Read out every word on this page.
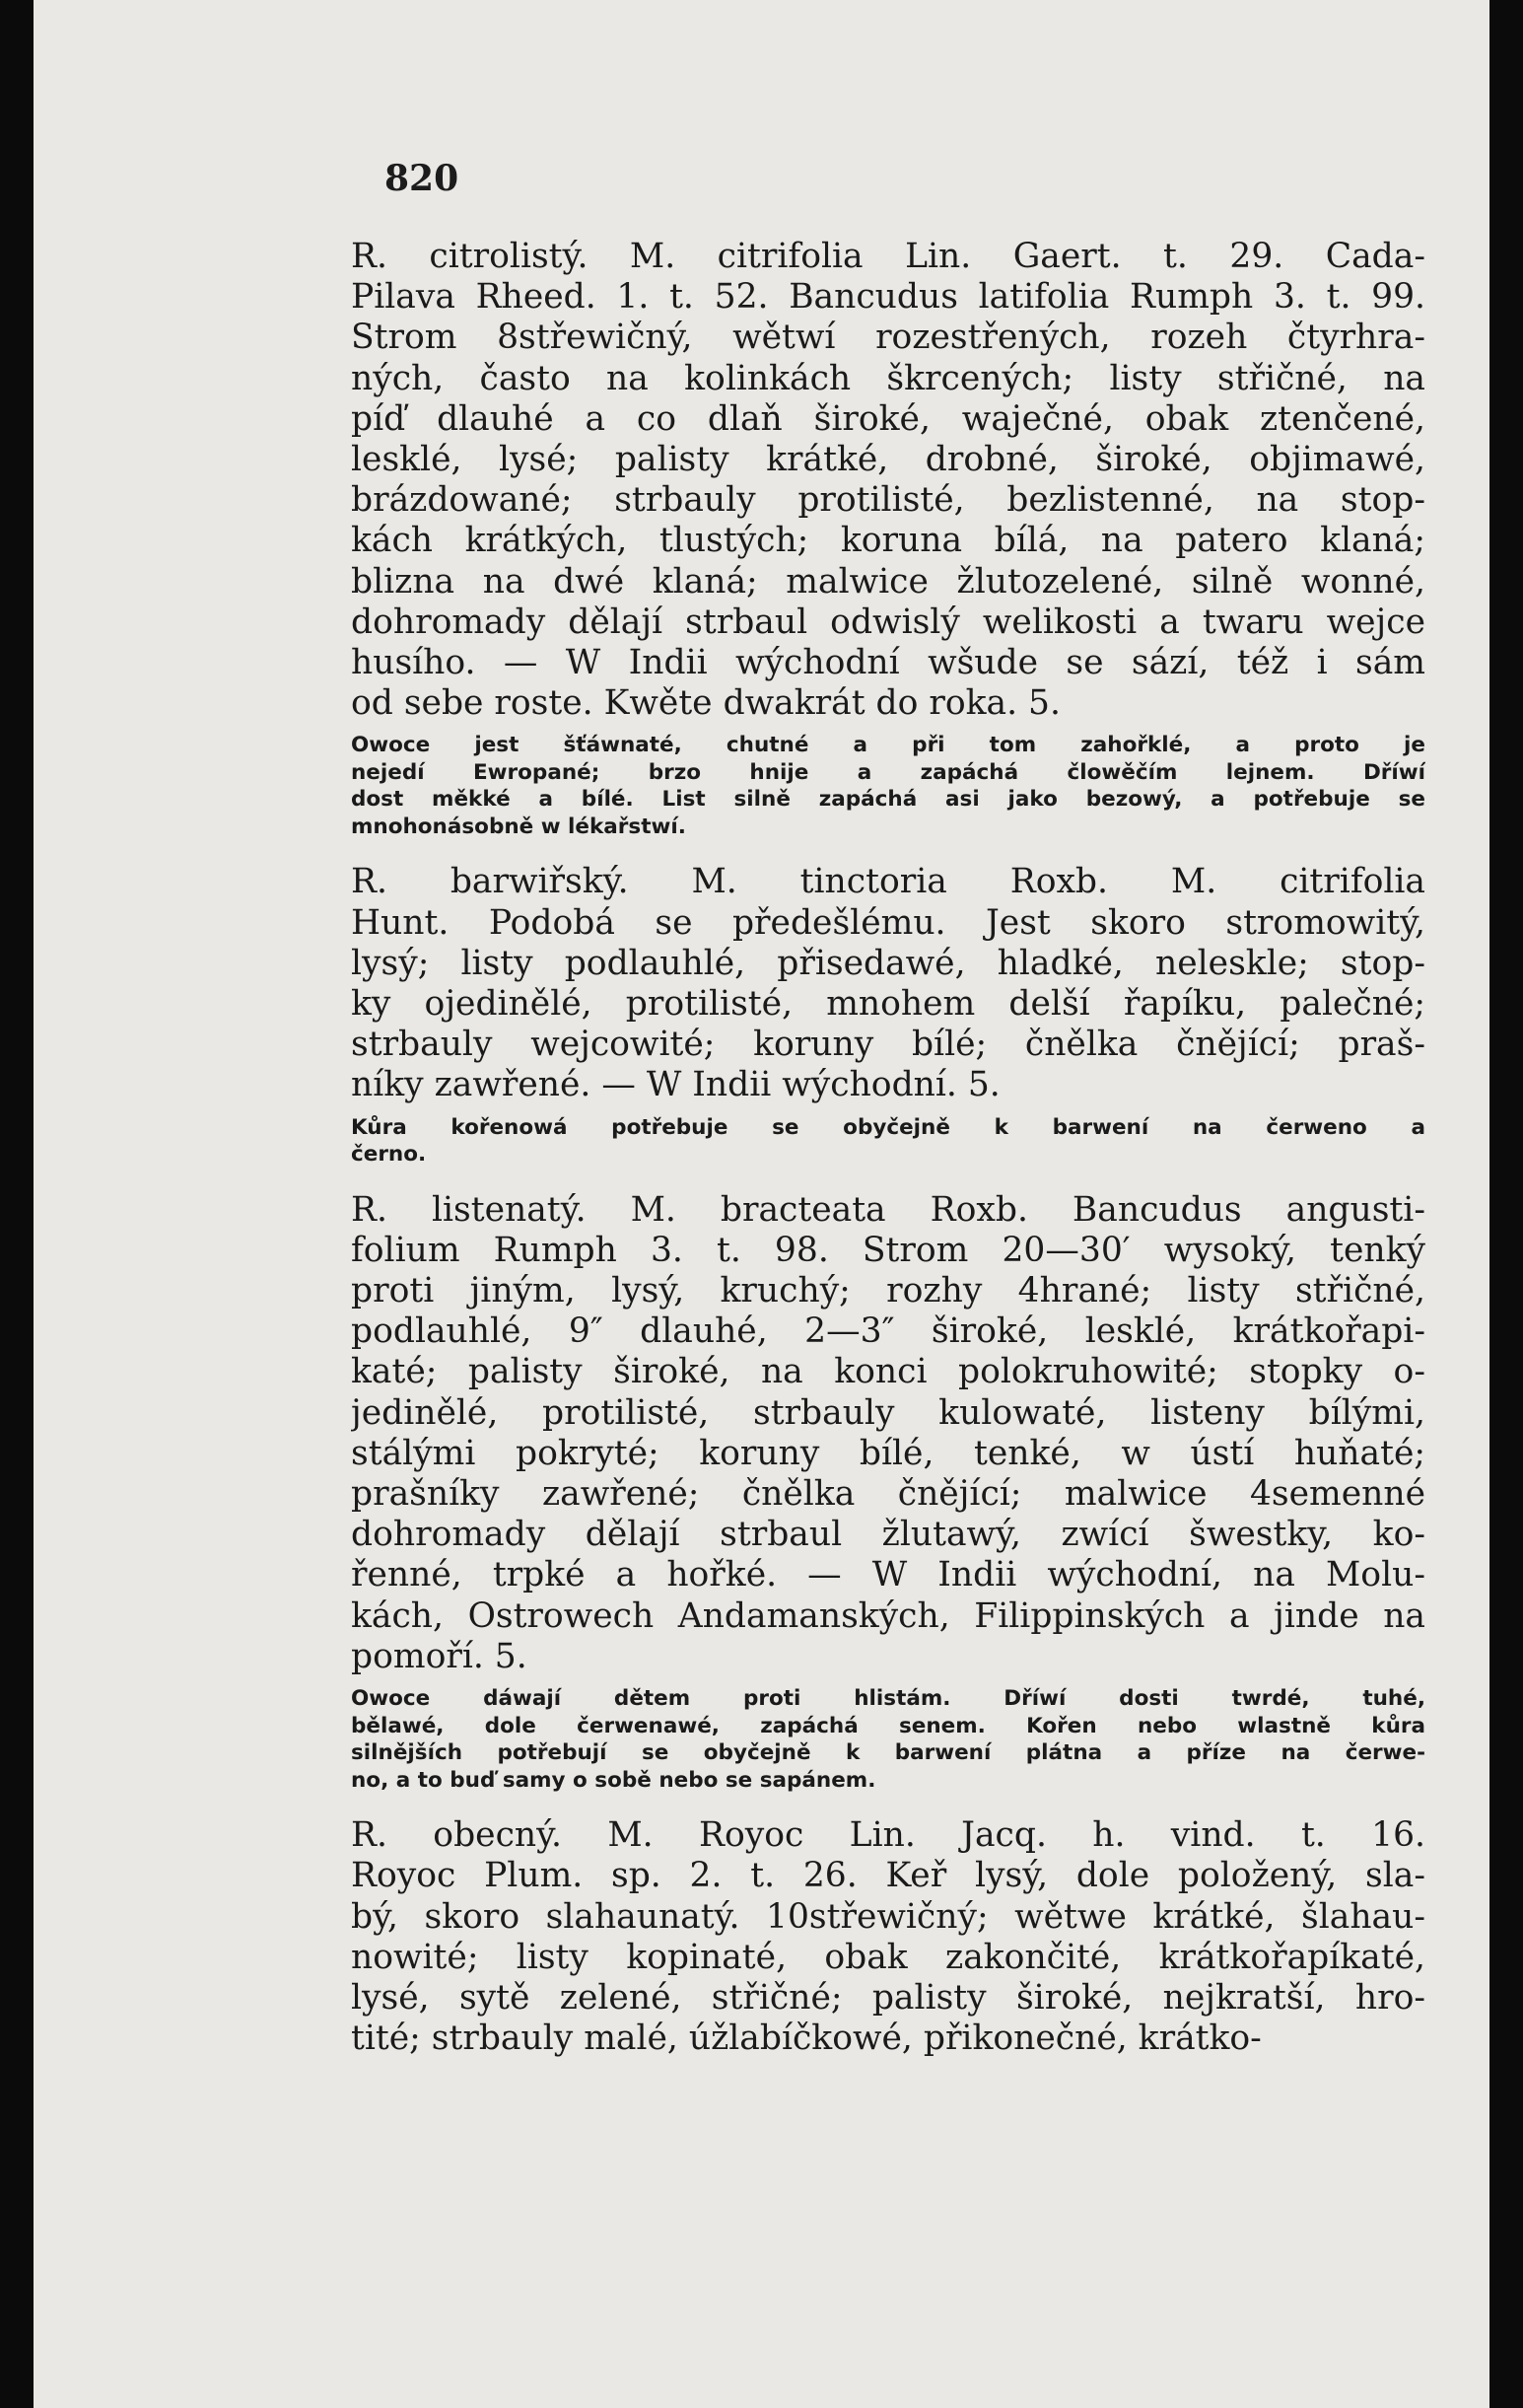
820
R. citrolistý. M. citrifolia Lin. Gaert. t. 29. Cada-
Pilava Rheed. 1. t. 52. Bancudus latifolia Rumph 3. t. 99.
Strom 8střewičný, wětwí rozestřených, rozeh čtyrhra-
ných, často na kolinkách škrcených; listy střičné, na
píď dlauhé a co dlaň široké, waječné, obak ztenčené,
lesklé, lysé; palisty krátké, drobné, široké, objimawé,
brázdowané; strbauly protilisté, bezlistenné, na stop-
kách krátkých, tlustých; koruna bílá, na patero klaná;
blizna na dwé klaná; malwice žlutozelené, silně wonné,
dohromady dělají strbaul odwislý welikosti a twaru wejce
husího. — W Indii wýchodní wšude se sází, též i sám
od sebe roste. Kwěte dwakrát do roka. 5.
Owoce jest šťáwnaté, chutné a při tom zahořklé, a proto je
nejedí Ewropané; brzo hnije a zapáchá člowěčím lejnem. Dříwí
dost měkké a bílé. List silně zapáchá asi jako bezowý, a potřebuje se
mnohonásobně w lékařstwí.
R. barwiřský. M. tinctoria Roxb. M. citrifolia
Hunt. Podobá se předešlému. Jest skoro stromowitý,
lysý; listy podlauhlé, přisedawé, hladké, neleskle; stop-
ky ojedinělé, protilisté, mnohem delší řapíku, palečné;
strbauly wejcowité; koruny bílé; čnělka čnějící; praš-
níky zawřené. — W Indii wýchodní. 5.
Kůra kořenowá potřebuje se obyčejně k barwení na čerweno a
černo.
R. listenatý. M. bracteata Roxb. Bancudus angusti-
folium Rumph 3. t. 98. Strom 20—30′ wysoký, tenký
proti jiným, lysý, kruchý; rozhy 4hrané; listy střičné,
podlauhlé, 9″ dlauhé, 2—3″ široké, lesklé, krátkořapi-
katé; palisty široké, na konci polokruhowité; stopky o-
jedinělé, protilisté, strbauly kulowaté, listeny bílými,
stálými pokryté; koruny bílé, tenké, w ústí huňaté;
prašníky zawřené; čnělka čnějící; malwice 4semenné
dohromady dělají strbaul žlutawý, zwící šwestky, ko-
řenné, trpké a hořké. — W Indii wýchodní, na Molu-
kách, Ostrowech Andamanských, Filippinských a jinde na
pomoří. 5.
Owoce dáwají dětem proti hlistám. Dříwí dosti twrdé, tuhé,
bělawé, dole čerwenawé, zapáchá senem. Kořen nebo wlastně kůra
silnějších potřebují se obyčejně k barwení plátna a příze na čerwe-
no, a to buď samy o sobě nebo se sapánem.
R. obecný. M. Royoc Lin. Jacq. h. vind. t. 16.
Royoc Plum. sp. 2. t. 26. Keř lysý, dole položený, sla-
bý, skoro slahaunatý. 10střewičný; wětwe krátké, šlahau-
nowité; listy kopinaté, obak zakončité, krátkořapíkaté,
lysé, sytě zelené, střičné; palisty široké, nejkratší, hro-
tité; strbauly malé, úžlabíčkowé, přikonečné, krátko-
